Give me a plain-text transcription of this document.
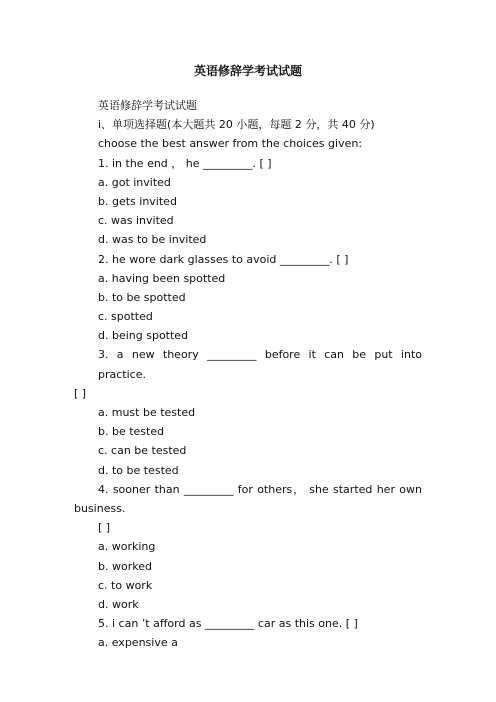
英语修辞学考试试题
英语修辞学考试试题
i、单项选择题(本大题共 20 小题，每题 2 分，共 40 分)
choose the best answer from the choices given:
1. in the end ， he _________. [ ]
a. got invited
b. gets invited
c. was invited
d. was to be invited
2. he wore dark glasses to avoid _________. [ ]
a. having been spotted
b. to be spotted
c. spotted
d. being spotted
3. a new theory _________ before it can be put into practice.
[ ]
a. must be tested
b. be tested
c. can be tested
d. to be tested
4. sooner than _________ for others， she started her own
business.
[ ]
a. working
b. worked
c. to work
d. work
5. i can ’t afford as _________ car as this one. [ ]
a. expensive a
